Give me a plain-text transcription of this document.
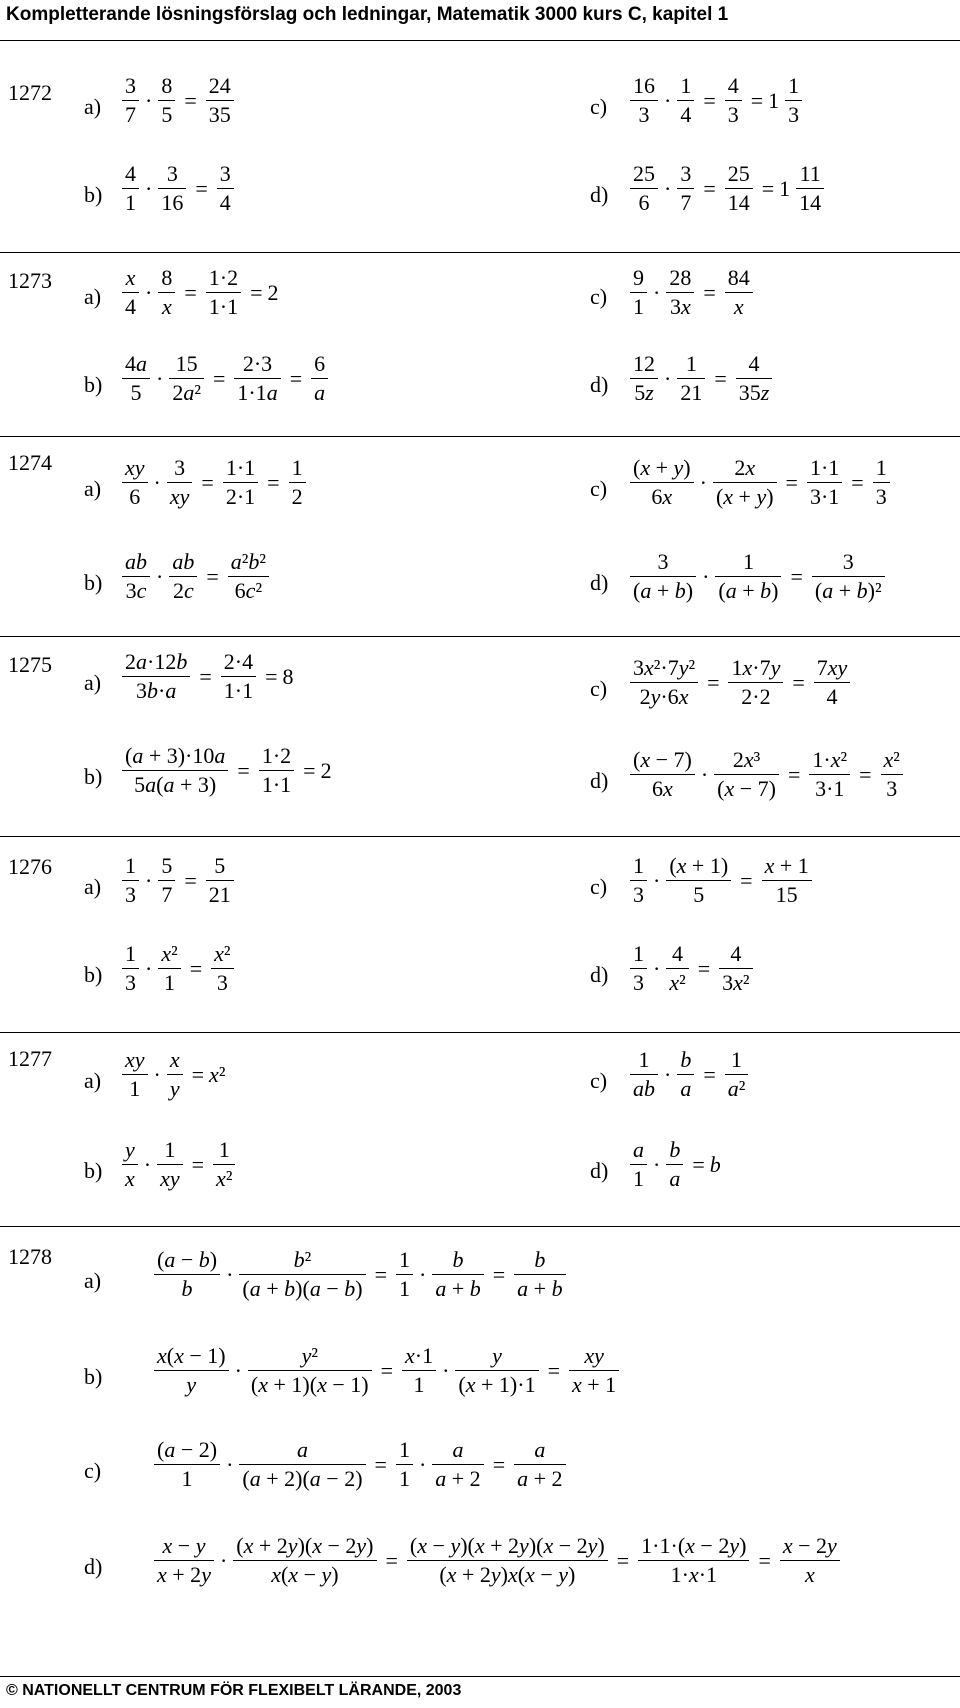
Kompletterande lösningsförslag och ledningar, Matematik 3000 kurs C, kapitel 1
1272
$a) \frac{3}{7} \cdot \frac{8}{5} = \frac{24}{35}$
$b) \frac{4}{1} \cdot \frac{3}{16} = \frac{3}{4}$
$c) \frac{16}{3} \cdot \frac{1}{4} = \frac{4}{3} = 1 \frac{1}{3}$
$d) \frac{25}{6} \cdot \frac{3}{7} = \frac{25}{14} = 1 \frac{11}{14}$
1273
$a) \frac{x}{4} \cdot \frac{8}{x} = \frac{1\cdot 2}{1\cdot 1} = 2$
$b) \frac{4a}{5} \cdot \frac{15}{\text{2a²}} = \frac{2\cdot 3}{1\cdot 1a} = \frac{6}{a}$
$c) \frac{9}{1} \cdot \frac{28}{3x} = \frac{84}{x}$
$d) \frac{12}{5z} \cdot \frac{1}{21} = \frac{4}{35z}$
1274
$a) \frac{xy}{6} \cdot \frac{3}{xy} = \frac{1\cdot 1}{2\cdot 1} = \frac{1}{2}$
$b) \frac{ab}{3c} \cdot \frac{ab}{2c} = \frac{\text{a²b²}}{\text{6c²}}$
$c) \frac{(x + y)}{6x} \cdot \frac{2x}{(x + y)} = \frac{1\cdot 1}{3\cdot 1} = \frac{1}{3}$
$d) \frac{3}{(a + b)} \cdot \frac{1}{(a + b)} = \frac{3}{\text{(a + b)²}}$
1275
$a) \frac{2a\cdot 12b}{3b\cdot a} = \frac{2\cdot 4}{1\cdot 1} = 8$
$b) \frac{(a + 3)\cdot 10a}{5a(a + 3)} = \frac{1\cdot 2}{1\cdot 1} = 2$
$c) \frac{\text{3x²·7y²}}{2y\cdot 6x} = \frac{1x\cdot 7y}{2\cdot 2} = \frac{7xy}{4}$
$d) \frac{(x - 7)}{6x} \cdot \frac{\text{2x³}}{(x - 7)} = \frac{\text{1·x²}}{3\cdot 1} = \frac{\text{x²}}{3}$
1276
$a) \frac{1}{3} \cdot \frac{5}{7} = \frac{5}{21}$
$b) \frac{1}{3} \cdot \frac{\text{x²}}{1} = \frac{\text{x²}}{3}$
$c) \frac{1}{3} \cdot \frac{(x + 1)}{5} = \frac{x + 1}{15}$
$d) \frac{1}{3} \cdot \frac{4}{\text{x²}} = \frac{4}{\text{3x²}}$
1277
$a) \frac{xy}{1} \cdot \frac{x}{y} = x^2$
$b) \frac{y}{x} \cdot \frac{1}{xy} = \frac{1}{\text{x²}}$
$c) \frac{1}{ab} \cdot \frac{b}{a} = \frac{1}{\text{a²}}$
$d) \frac{a}{1} \cdot \frac{b}{a} = b$
1278
$a) \frac{(a - b)}{b} \cdot \frac{\text{b²}}{(a + b)(a - b)} = \frac{1}{1} \cdot \frac{b}{a + b} = \frac{b}{a + b}$
$b) \frac{x(x - 1)}{y} \cdot \frac{\text{y²}}{(x + 1)(x - 1)} = \frac{x\cdot 1}{1} \cdot \frac{y}{(x + 1)\cdot 1} = \frac{xy}{x + 1}$
$c) \frac{(a - 2)}{1} \cdot \frac{a}{(a + 2)(a - 2)} = \frac{1}{1} \cdot \frac{a}{a + 2} = \frac{a}{a + 2}$
$d) \frac{x - y}{x + 2y} \cdot \frac{(x + 2y)(x - 2y)}{x(x - y)} = \frac{(x - y)(x + 2y)(x - 2y)}{(x + 2y)x(x - y)} = \frac{1\cdot 1\cdot(x - 2y)}{1\cdot x\cdot 1} = \frac{x - 2y}{x}$
© NATIONELLT CENTRUM FÖR FLEXIBELT LÄRANDE, 2003
